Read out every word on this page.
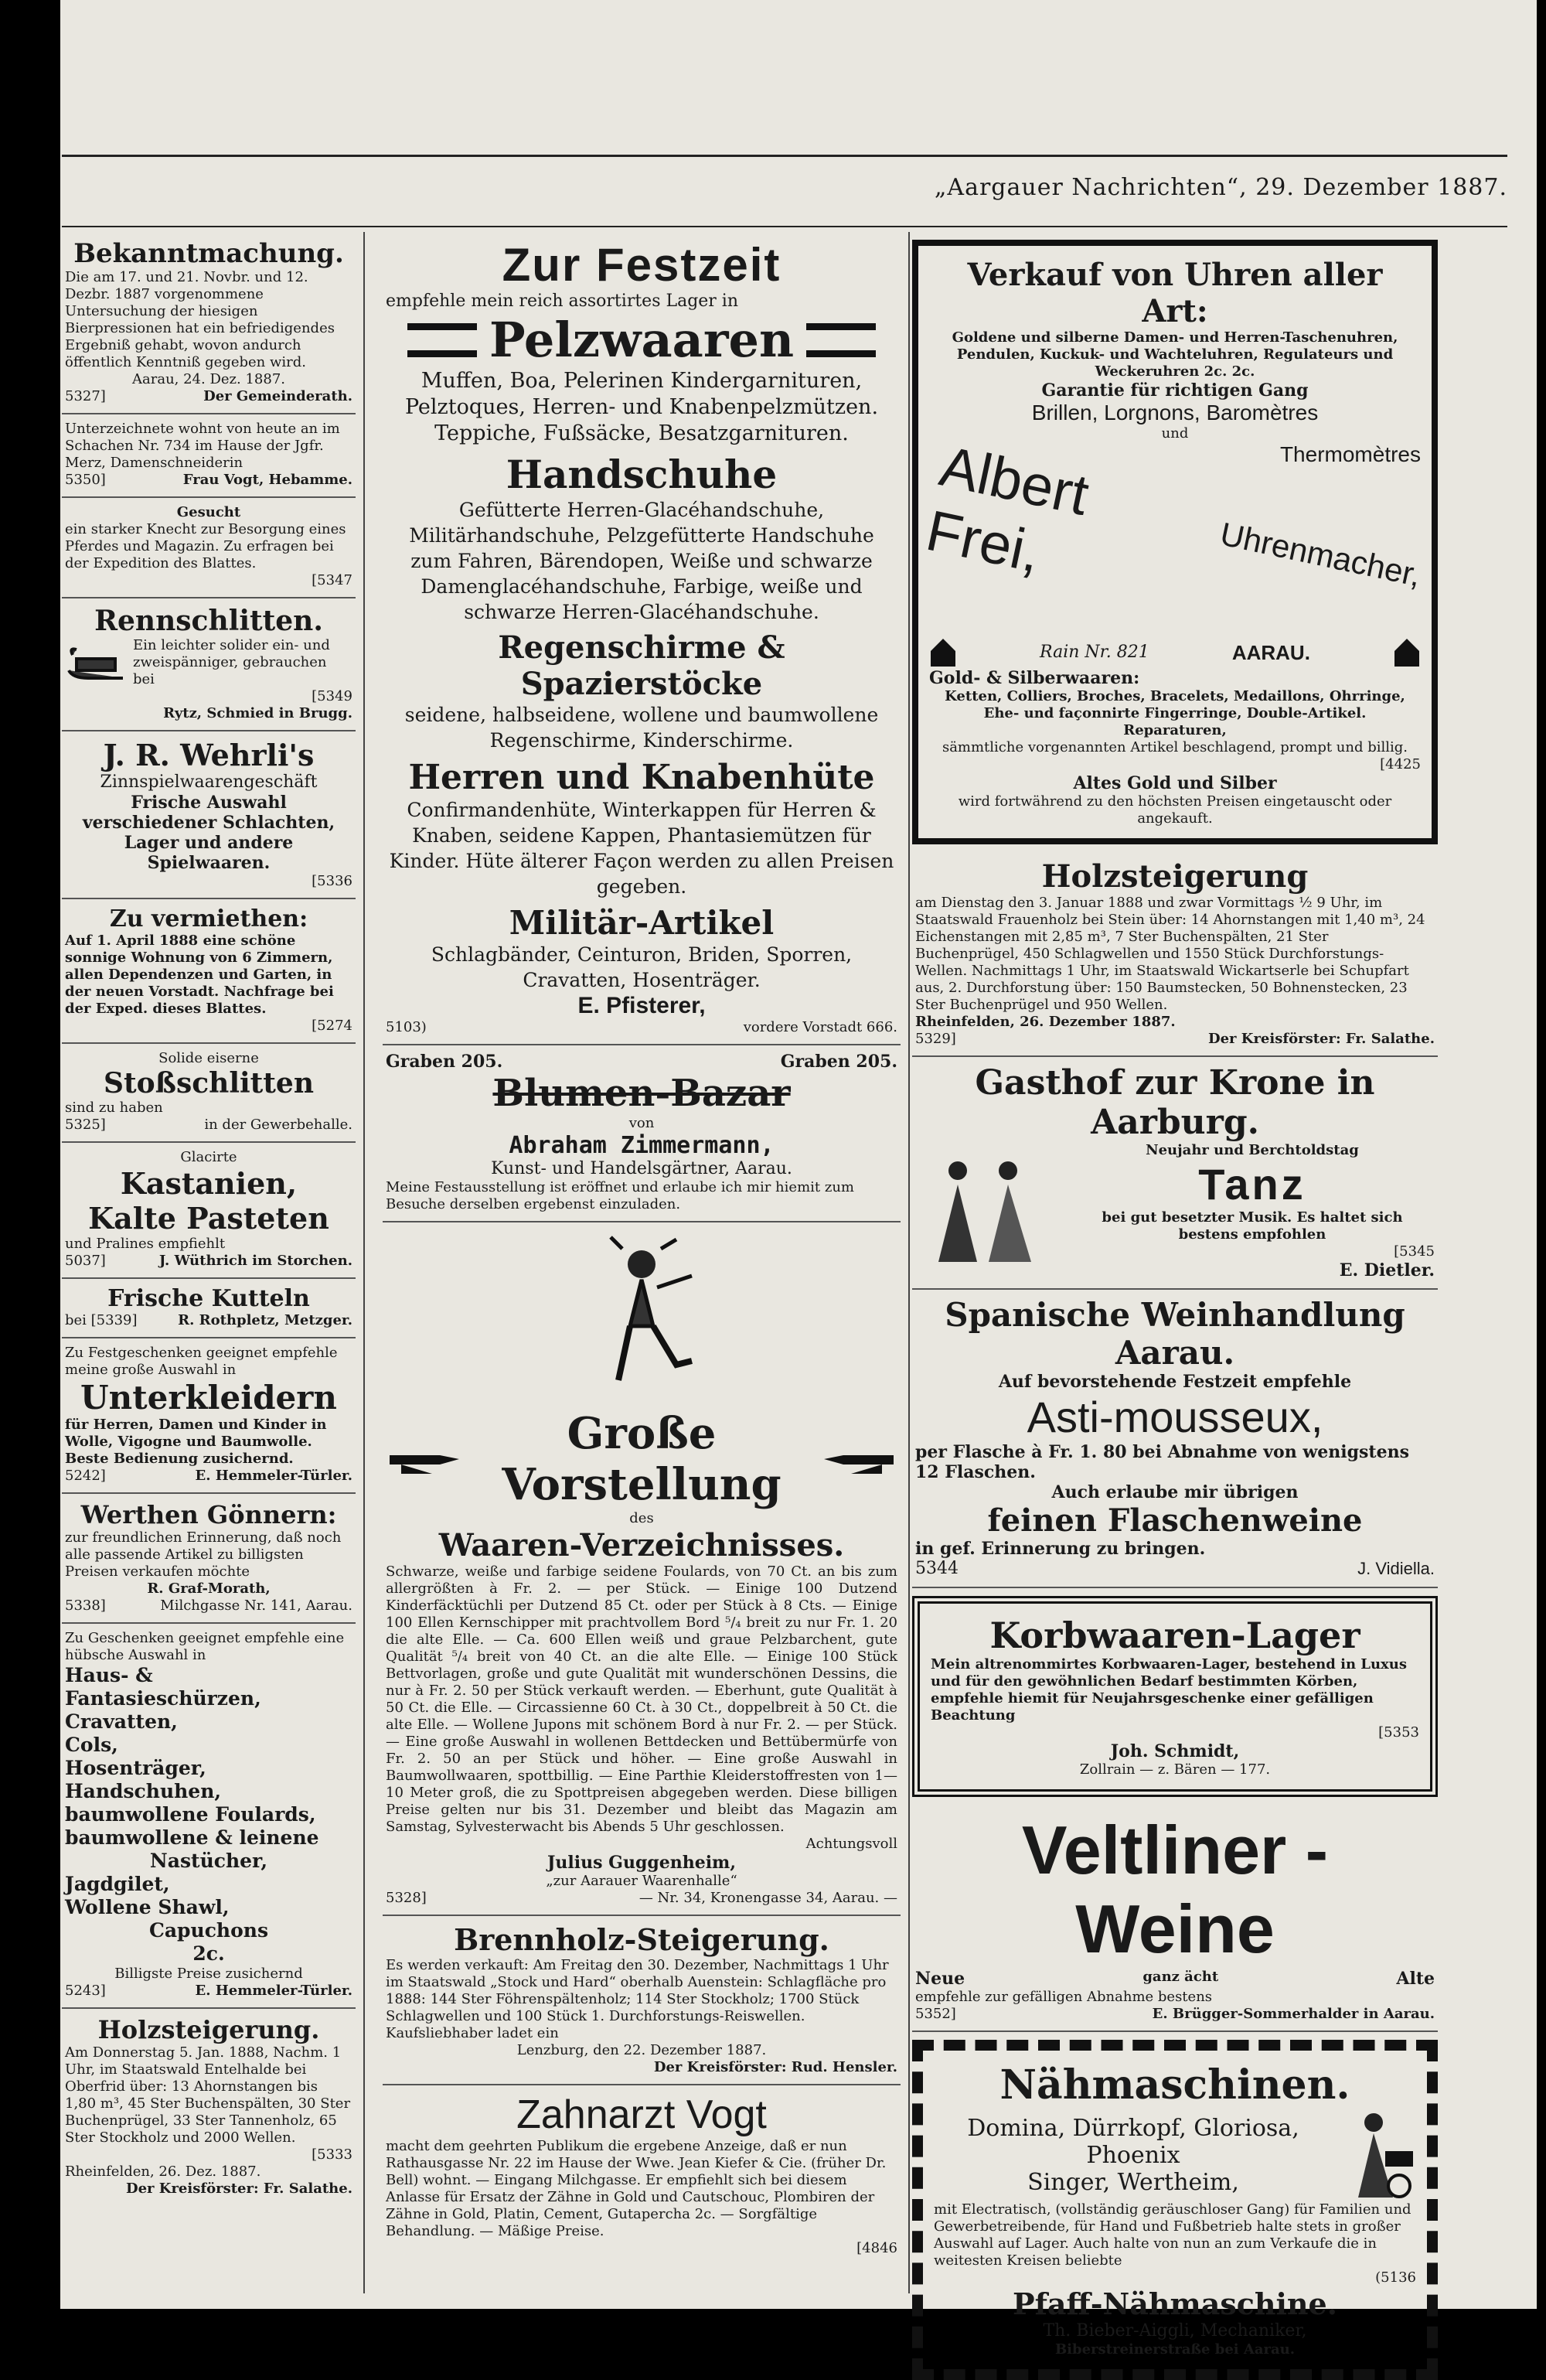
„Aargauer Nachrichten“, 29. Dezember 1887.
Bekanntmachung.
Die am 17. und 21. Novbr. und 12. Dezbr. 1887 vorgenommene Untersuchung der hiesigen Bierpressionen hat ein befriedigendes Ergebniß gehabt, wovon andurch öffentlich Kenntniß gegeben wird.
Aarau, 24. Dez. 1887.
5327]	Der Gemeinderath.
Unterzeichnete wohnt von heute an im Schachen Nr. 734 im Hause der Jgfr. Merz, Damenschneiderin
5350]	Frau Vogt, Hebamme.
Gesucht
ein starker Knecht zur Besorgung eines Pferdes und Magazin. Zu erfragen bei der Expedition des Blattes.
[5347
Rennschlitten.
Ein leichter solider ein- und zweispänniger, gebrauchen bei
[5349
Rytz, Schmied in Brugg.
J. R. Wehrli's
Zinnspielwaarengeschäft
Frische Auswahl verschiedener Schlachten, Lager und andere Spielwaaren.
[5336
Zu vermiethen:
Auf 1. April 1888 eine schöne sonnige Wohnung von 6 Zimmern, allen Dependenzen und Garten, in der neuen Vorstadt. Nachfrage bei der Exped. dieses Blattes.
[5274
Solide eiserne
Stoßschlitten
sind zu haben
5325]	in der Gewerbehalle.
Glacirte
Kastanien,
Kalte Pasteten
und Pralines empfiehlt
5037]	J. Wüthrich im Storchen.
Frische Kutteln
bei [5339]	R. Rothpletz, Metzger.
Zu Festgeschenken geeignet empfehle meine große Auswahl in
Unterkleidern
für Herren, Damen und Kinder in Wolle, Vigogne und Baumwolle. Beste Bedienung zusichernd.
5242]	E. Hemmeler-Türler.
Werthen Gönnern:
zur freundlichen Erinnerung, daß noch alle passende Artikel zu billigsten Preisen verkaufen möchte
R. Graf-Morath,
5338]	Milchgasse Nr. 141, Aarau.
Zu Geschenken geeignet empfehle eine hübsche Auswahl in
Haus- & Fantasieschürzen,
Cravatten,
Cols,
Hosenträger,
Handschuhen,
baumwollene Foulards,
baumwollene & leinene
Nastücher,
Jagdgilet,
Wollene Shawl,
Capuchons
2c.
Billigste Preise zusichernd
5243]	E. Hemmeler-Türler.
Holzsteigerung.
Am Donnerstag 5. Jan. 1888, Nachm. 1 Uhr, im Staatswald Entelhalde bei Oberfrid über: 13 Ahornstangen bis 1,80 m³, 45 Ster Buchenspälten, 30 Ster Buchenprügel, 33 Ster Tannenholz, 65 Ster Stockholz und 2000 Wellen.
[5333
Rheinfelden, 26. Dez. 1887.
Der Kreisförster: Fr. Salathe.
Zur Festzeit
empfehle mein reich assortirtes Lager in
Pelzwaaren
Muffen, Boa, Pelerinen Kindergarnituren, Pelztoques, Herren- und Knabenpelzmützen. Teppiche, Fußsäcke, Besatzgarnituren.
Handschuhe
Gefütterte Herren-Glacéhandschuhe, Militärhandschuhe, Pelzgefütterte Handschuhe zum Fahren, Bärendopen, Weiße und schwarze Damenglacéhandschuhe, Farbige, weiße und schwarze Herren-Glacéhandschuhe.
Regenschirme & Spazierstöcke
seidene, halbseidene, wollene und baumwollene Regenschirme, Kinderschirme.
Herren und Knabenhüte
Confirmandenhüte, Winterkappen für Herren & Knaben, seidene Kappen, Phantasiemützen für Kinder. Hüte älterer Façon werden zu allen Preisen gegeben.
Militär-Artikel
Schlagbänder, Ceinturon, Briden, Sporren, Cravatten, Hosenträger.
E. Pfisterer,
5103)	vordere Vorstadt 666.
Graben 205.	Graben 205.
Blumen-Bazar
von
Abraham Zimmermann,
Kunst- und Handelsgärtner, Aarau.
Meine Festausstellung ist eröffnet und erlaube ich mir hiemit zum Besuche derselben ergebenst einzuladen.
Große Vorstellung
des
Waaren-Verzeichnisses.
Schwarze, weiße und farbige seidene Foulards, von 70 Ct. an bis zum allergrößten à Fr. 2. — per Stück. — Einige 100 Dutzend Kinderfäcktüchli per Dutzend 85 Ct. oder per Stück à 8 Cts. — Einige 100 Ellen Kernschipper mit prachtvollem Bord ⁵/₄ breit zu nur Fr. 1. 20 die alte Elle. — Ca. 600 Ellen weiß und graue Pelzbarchent, gute Qualität ⁵/₄ breit von 40 Ct. an die alte Elle. — Einige 100 Stück Bettvorlagen, große und gute Qualität mit wunderschönen Dessins, die nur à Fr. 2. 50 per Stück verkauft werden. — Eberhunt, gute Qualität à 50 Ct. die Elle. — Circassienne 60 Ct. à 30 Ct., doppelbreit à 50 Ct. die alte Elle. — Wollene Jupons mit schönem Bord à nur Fr. 2. — per Stück. — Eine große Auswahl in wollenen Bettdecken und Bettübermürfe von Fr. 2. 50 an per Stück und höher. — Eine große Auswahl in Baumwollwaaren, spottbillig. — Eine Parthie Kleiderstoffresten von 1—10 Meter groß, die zu Spottpreisen abgegeben werden. Diese billigen Preise gelten nur bis 31. Dezember und bleibt das Magazin am Samstag, Sylvesterwacht bis Abends 5 Uhr geschlossen.
Achtungsvoll
Julius Guggenheim,
„zur Aarauer Waarenhalle“
5328]	— Nr. 34, Kronengasse 34, Aarau. —
Brennholz-Steigerung.
Es werden verkauft: Am Freitag den 30. Dezember, Nachmittags 1 Uhr im Staatswald „Stock und Hard“ oberhalb Auenstein: Schlagfläche pro 1888: 144 Ster Föhrenspältenholz; 114 Ster Stockholz; 1700 Stück Schlagwellen und 100 Stück 1. Durchforstungs-Reiswellen. Kaufsliebhaber ladet ein
Lenzburg, den 22. Dezember 1887.
Der Kreisförster: Rud. Hensler.
Zahnarzt Vogt
macht dem geehrten Publikum die ergebene Anzeige, daß er nun Rathausgasse Nr. 22 im Hause der Wwe. Jean Kiefer & Cie. (früher Dr. Bell) wohnt. — Eingang Milchgasse. Er empfiehlt sich bei diesem Anlasse für Ersatz der Zähne in Gold und Cautschouc, Plombiren der Zähne in Gold, Platin, Cement, Gutapercha 2c. — Sorgfältige Behandlung. — Mäßige Preise.
[4846
Verkauf von Uhren aller Art:
Goldene und silberne Damen- und Herren-Taschenuhren, Pendulen, Kuckuk- und Wachteluhren, Regulateurs und Weckeruhren 2c. 2c.
Garantie für richtigen Gang
Brillen, Lorgnons, Baromètres
und
Thermomètres
Albert Frei,	Uhrenmacher,
Rain Nr. 821	AARAU.
Gold- & Silberwaaren:
Ketten, Colliers, Broches, Bracelets, Medaillons, Ohrringe, Ehe- und façonnirte Fingerringe, Double-Artikel.
Reparaturen,
sämmtliche vorgenannten Artikel beschlagend, prompt und billig.
[4425
Altes Gold und Silber
wird fortwährend zu den höchsten Preisen eingetauscht oder angekauft.
Holzsteigerung
am Dienstag den 3. Januar 1888 und zwar Vormittags ½ 9 Uhr, im Staatswald Frauenholz bei Stein über: 14 Ahornstangen mit 1,40 m³, 24 Eichenstangen mit 2,85 m³, 7 Ster Buchenspälten, 21 Ster Buchenprügel, 450 Schlagwellen und 1550 Stück Durchforstungs-Wellen. Nachmittags 1 Uhr, im Staatswald Wickartserle bei Schupfart aus, 2. Durchforstung über: 150 Baumstecken, 50 Bohnenstecken, 23 Ster Buchenprügel und 950 Wellen.
Rheinfelden, 26. Dezember 1887.
5329]	Der Kreisförster: Fr. Salathe.
Gasthof zur Krone in Aarburg.
Neujahr und Berchtoldstag
Tanz
bei gut besetzter Musik. Es haltet sich bestens empfohlen
[5345
E. Dietler.
Spanische Weinhandlung Aarau.
Auf bevorstehende Festzeit empfehle
Asti-mousseux,
per Flasche à Fr. 1. 80 bei Abnahme von wenigstens 12 Flaschen.
Auch erlaube mir übrigen
feinen Flaschenweine
in gef. Erinnerung zu bringen.
5344	J. Vidiella.
Korbwaaren-Lager
Mein altrenommirtes Korbwaaren-Lager, bestehend in Luxus und für den gewöhnlichen Bedarf bestimmten Körben, empfehle hiemit für Neujahrsgeschenke einer gefälligen Beachtung
[5353
Joh. Schmidt,
Zollrain — z. Bären — 177.
Veltliner - Weine
Neue	ganz ächt	Alte
empfehle zur gefälligen Abnahme bestens
5352]	E. Brügger-Sommerhalder in Aarau.
Nähmaschinen.
Domina, Dürrkopf, Gloriosa, Phoenix
Singer, Wertheim,
mit Electratisch, (vollständig geräuschloser Gang) für Familien und Gewerbetreibende, für Hand und Fußbetrieb halte stets in großer Auswahl auf Lager. Auch halte von nun an zum Verkaufe die in weitesten Kreisen beliebte
(5136
Pfaff-Nähmaschine.
Th. Bieber-Aiggli, Mechaniker,
Biberstreinerstraße bei Aarau.
